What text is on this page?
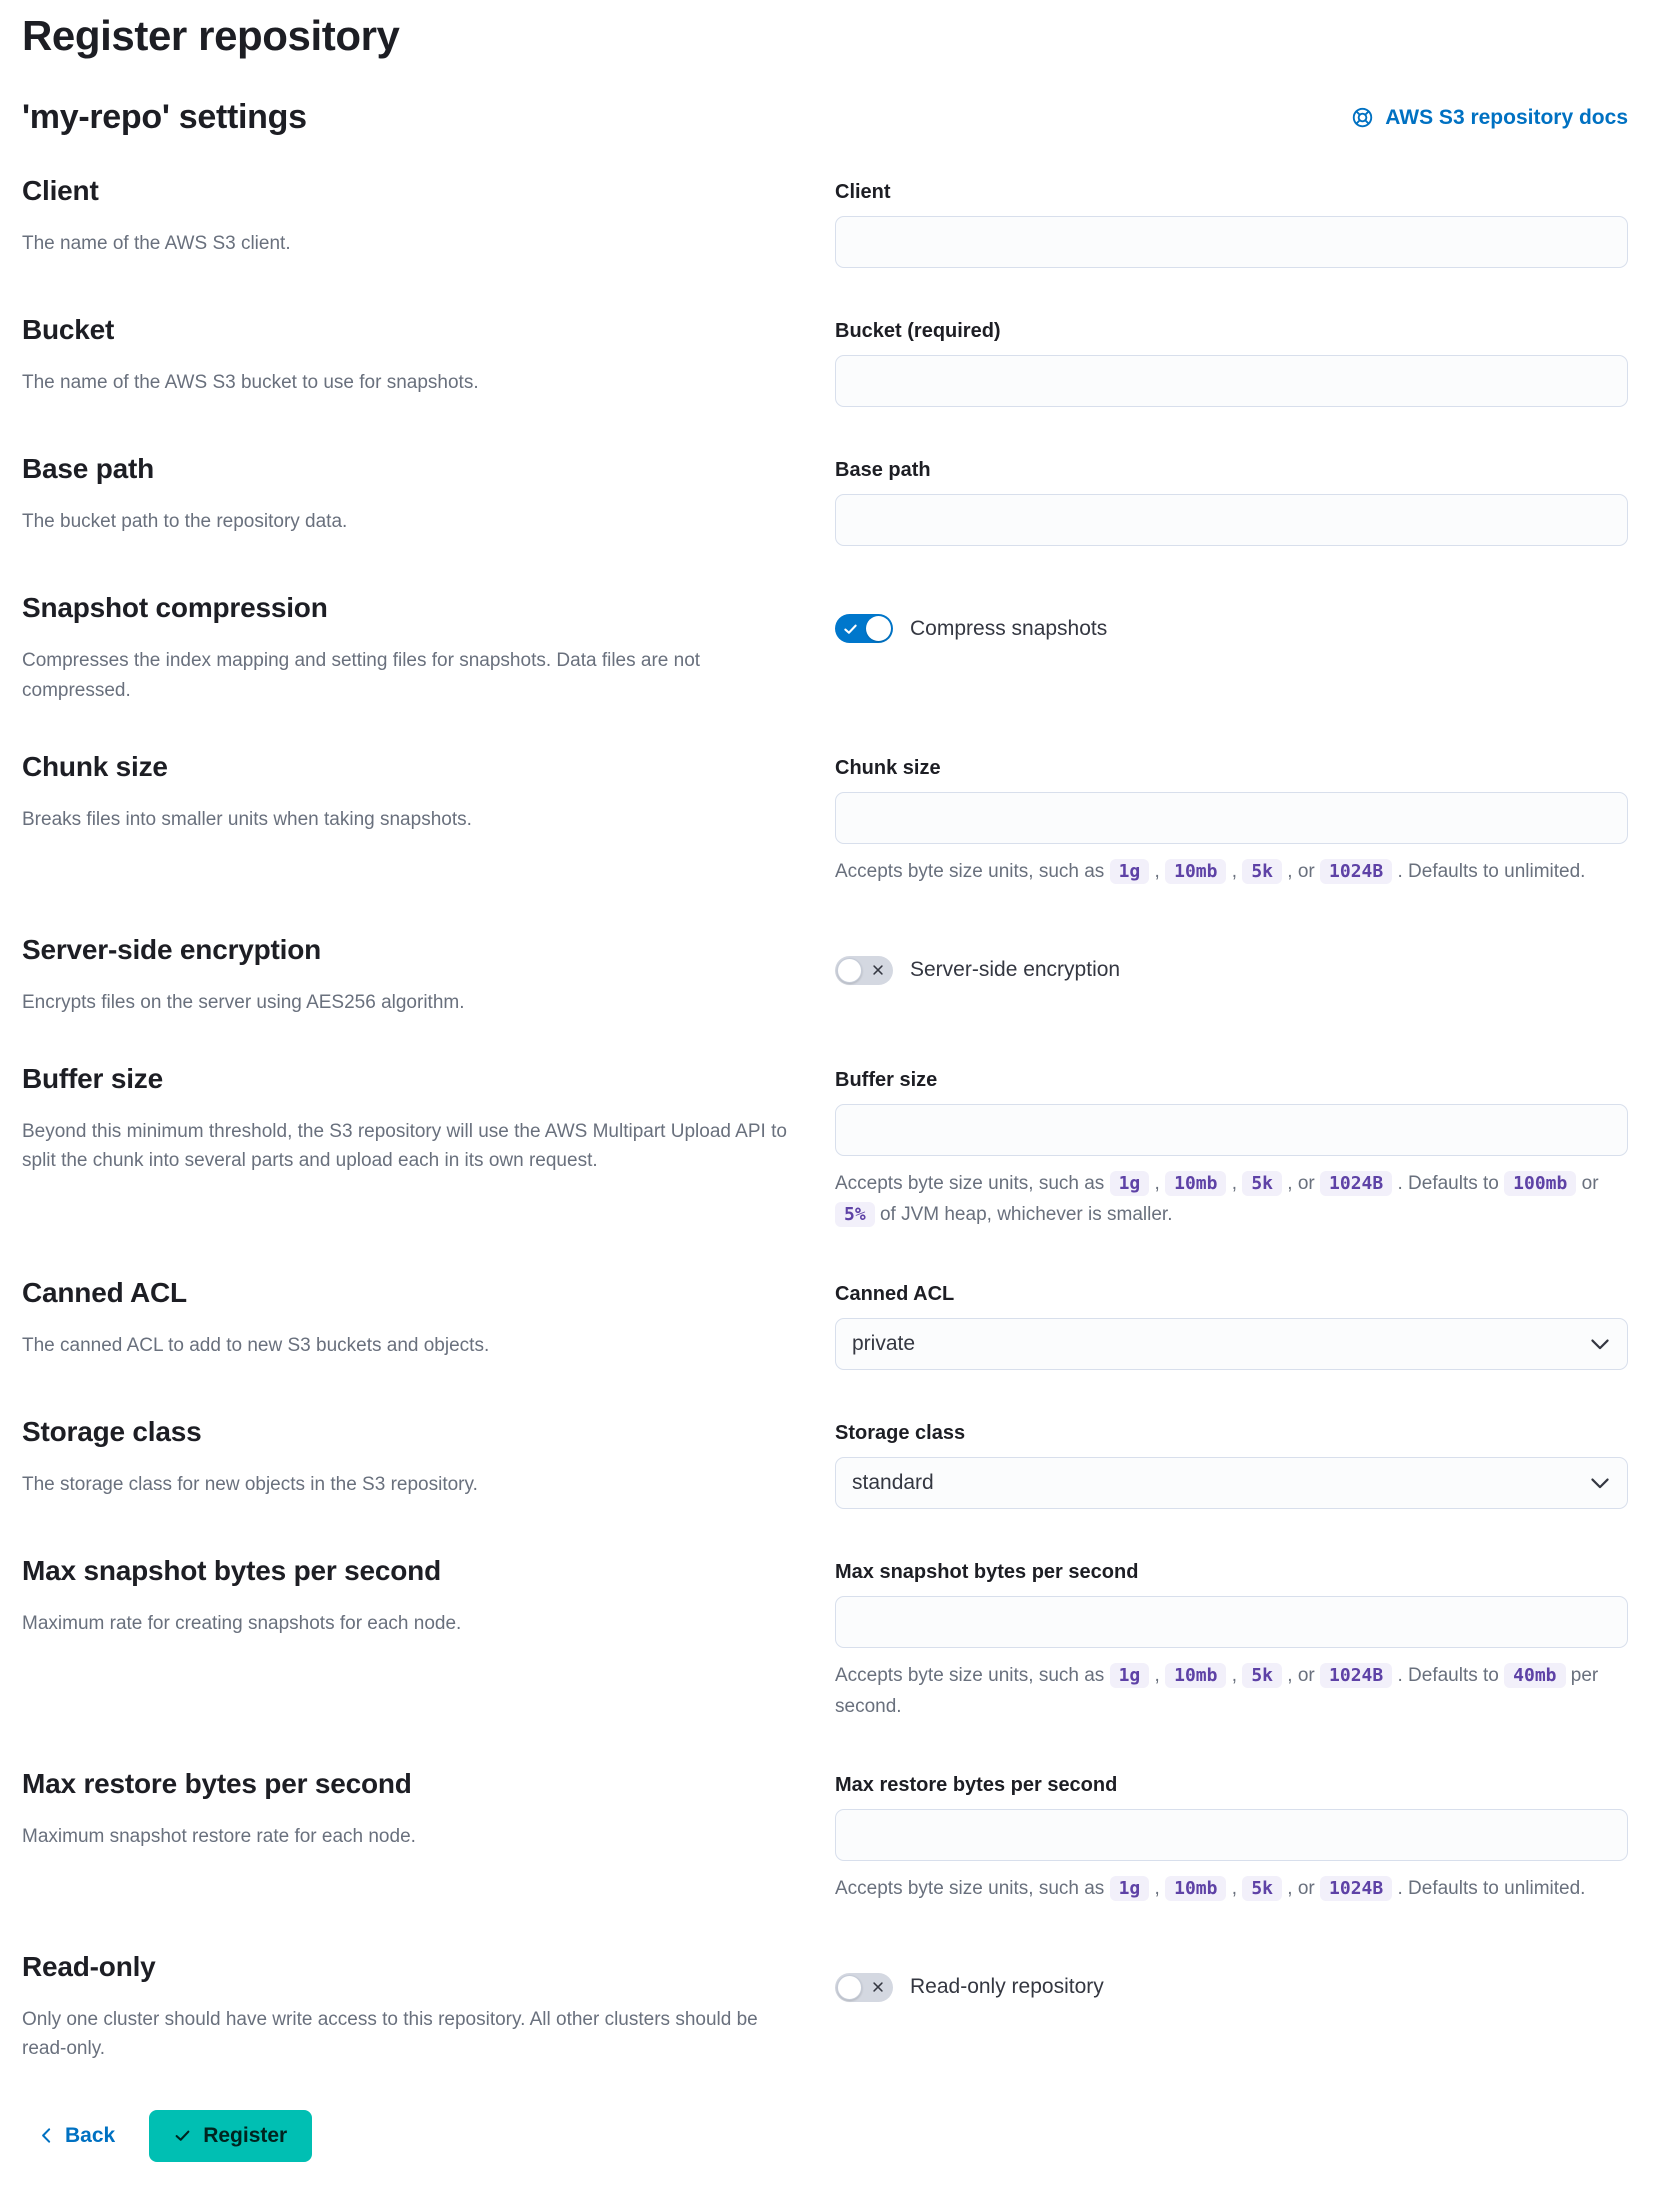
Register repository
'my-repo' settings	AWS S3 repository docs
Client

The name of the AWS S3 client.

Client
Bucket

The name of the AWS S3 bucket to use for snapshots.

Bucket (required)
Base path

The bucket path to the repository data.

Base path
Snapshot compression

Compresses the index mapping and setting files for snapshots. Data files are not compressed.

Compress snapshots
Chunk size

Breaks files into smaller units when taking snapshots.

Chunk size

Accepts byte size units, such as 1g , 10mb , 5k , or 1024B . Defaults to unlimited.

Server-side encryption

Encrypts files on the server using AES256 algorithm.

Server-side encryption
Buffer size

Beyond this minimum threshold, the S3 repository will use the AWS Multipart Upload API to split the chunk into several parts and upload each in its own request.

Buffer size

Accepts byte size units, such as 1g , 10mb , 5k , or 1024B . Defaults to 100mb or 5% of JVM heap, whichever is smaller.

Canned ACL

The canned ACL to add to new S3 buckets and objects.

Canned ACL
private
Storage class

The storage class for new objects in the S3 repository.

Storage class
standard
Max snapshot bytes per second

Maximum rate for creating snapshots for each node.

Max snapshot bytes per second

Accepts byte size units, such as 1g , 10mb , 5k , or 1024B . Defaults to 40mb per second.

Max restore bytes per second

Maximum snapshot restore rate for each node.

Max restore bytes per second

Accepts byte size units, such as 1g , 10mb , 5k , or 1024B . Defaults to unlimited.

Read-only

Only one cluster should have write access to this repository. All other clusters should be read-only.

Read-only repository
Back	Register
